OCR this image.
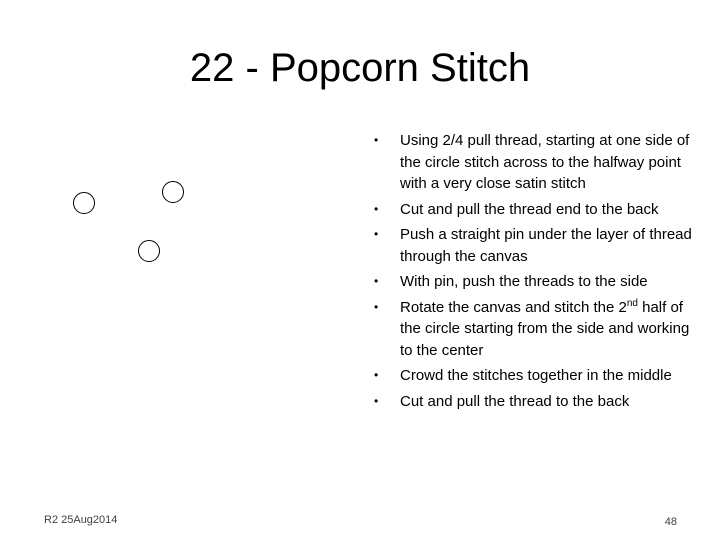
22 - Popcorn Stitch
• Using 2/4 pull thread, starting at one side of the circle stitch across to the halfway point with a very close satin stitch
• Cut and pull the thread end to the back
• Push a straight pin under the layer of thread through the canvas
• With pin, push the threads to the side
• Rotate the canvas and stitch the 2nd half of the circle starting from the side and working to the center
• Crowd the stitches together in the middle
• Cut and pull the thread to the back
R2 25Aug2014	48
